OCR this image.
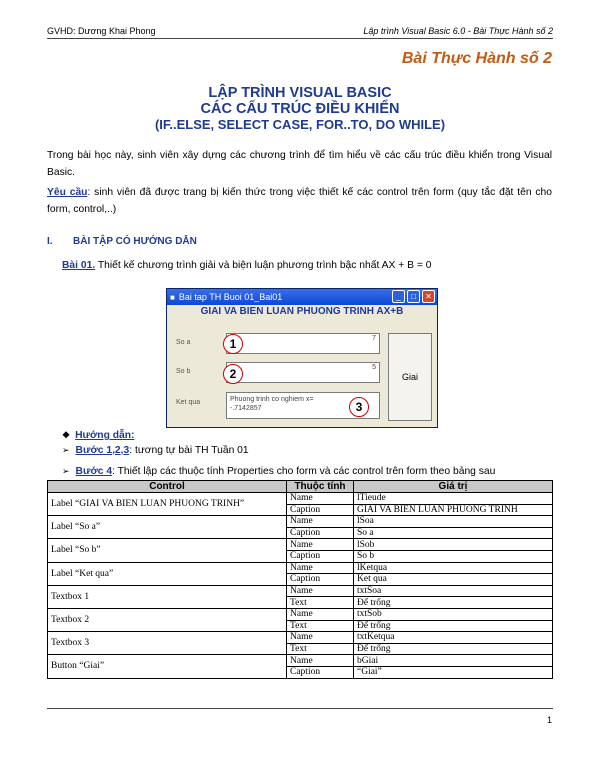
GVHD: Dương Khai Phong	Lập trình Visual Basic 6.0 - Bài Thực Hành số 2
Bài Thực Hành số 2
LẬP TRÌNH VISUAL BASIC
CÁC CẤU TRÚC ĐIỀU KHIỂN
(IF..ELSE, SELECT CASE, FOR..TO, DO WHILE)
Trong bài học này, sinh viên xây dựng các chương trình để tìm hiểu về các cấu trúc điều khiển trong Visual Basic.
Yêu cầu: sinh viên đã được trang bị kiến thức trong việc thiết kế các control trên form (quy tắc đặt tên cho form, control,..)
I. BÀI TẬP CÓ HƯỚNG DẪN
Bài 01. Thiết kế chương trình giải và biện luận phương trình bậc nhất AX + B = 0
■ Bai tap TH Buoi 01_Bai01	_	□	✕
GIAI VA BIEN LUAN PHUONG TRINH AX+B
So a
7
1
So b
5
2
Ket qua	Phuong trinh co nghiem x=
-.7142857	3
Giai
❖ Hướng dẫn:
➢ Bước 1,2,3: tương tự bài TH Tuần 01
➢ Bước 4: Thiết lập các thuộc tính Properties cho form và các control trên form theo bảng sau
Control	Thuộc tính	Giá trị
Label “GIAI VA BIEN LUAN PHUONG TRINH”	Name	lTieude
	Caption	GIAI VA BIEN LUAN PHUONG TRINH
Label “So a”	Name	lSoa
	Caption	So a
Label “So b”	Name	lSob
	Caption	So b
Label “Ket qua”	Name	lKetqua
	Caption	Ket qua
Textbox 1	Name	txtSoa
	Text	Để trống
Textbox 2	Name	txtSob
	Text	Để trống
Textbox 3	Name	txtKetqua
	Text	Để trống
Button “Giai”	Name	bGiai
	Caption	“Giai”
1
